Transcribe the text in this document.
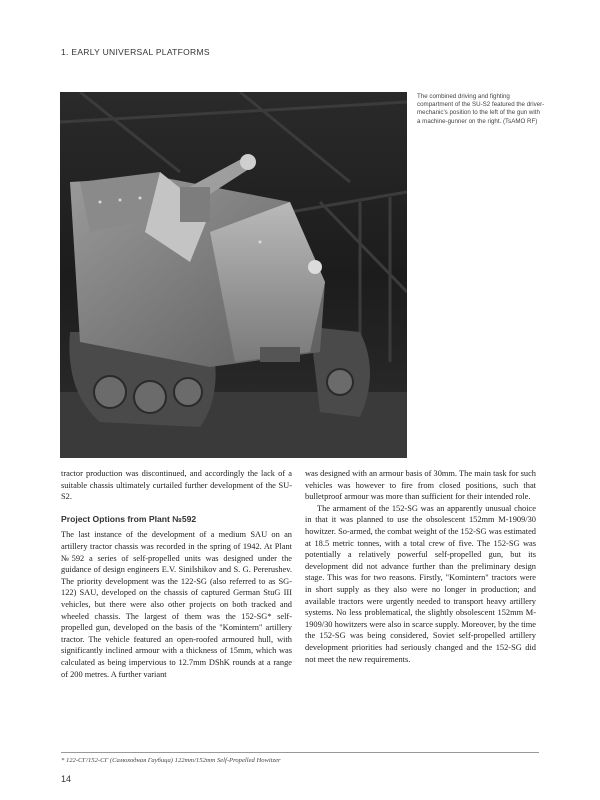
1. EARLY UNIVERSAL PLATFORMS
The combined driving and fighting compartment of the SU-S2 featured the driver-mechanic's position to the left of the gun with a machine-gunner on the right. (TsAMO RF)

tractor production was discontinued, and accordingly the lack of a suitable chassis ultimately curtailed further development of the SU-S2.

Project Options from Plant №592

The last instance of the development of a medium SAU on an artillery tractor chassis was recorded in the spring of 1942. At Plant №592 a series of self-propelled units was designed under the guidance of design engineers E.V. Sinilshikov and S. G. Pererushev. The priority development was the 122-SG (also referred to as SG-122) SAU, developed on the chassis of captured German StuG III vehicles, but there were also other projects on both tracked and wheeled chassis. The largest of them was the 152-SG* self-propelled gun, developed on the basis of the "Komintern" artillery tractor. The vehicle featured an open-roofed armoured hull, with significantly inclined armour with a thickness of 15mm, which was calculated as being impervious to 12.7mm DShK rounds at a range of 200 metres. A further variant

was designed with an armour basis of 30mm. The main task for such vehicles was however to fire from closed positions, such that bulletproof armour was more than sufficient for their intended role.

The armament of the 152-SG was an apparently unusual choice in that it was planned to use the obsolescent 152mm M-1909/30 howitzer. So-armed, the combat weight of the 152-SG was estimated at 18.5 metric tonnes, with a total crew of five. The 152-SG was potentially a relatively powerful self-propelled gun, but its development did not advance further than the preliminary design stage. This was for two reasons. Firstly, "Komintern" tractors were in short supply as they also were no longer in production; and available tractors were urgently needed to transport heavy artillery systems. No less problematical, the slightly obsolescent 152mm M-1909/30 howitzers were also in scarce supply. Moreover, by the time the 152-SG was being considered, Soviet self-propelled artillery development priorities had seriously changed and the 152-SG did not meet the new requirements.

* 122-СГ/152-СГ (Самоходная Гаубица) 122mm/152mm Self-Propelled Howitzer
14
